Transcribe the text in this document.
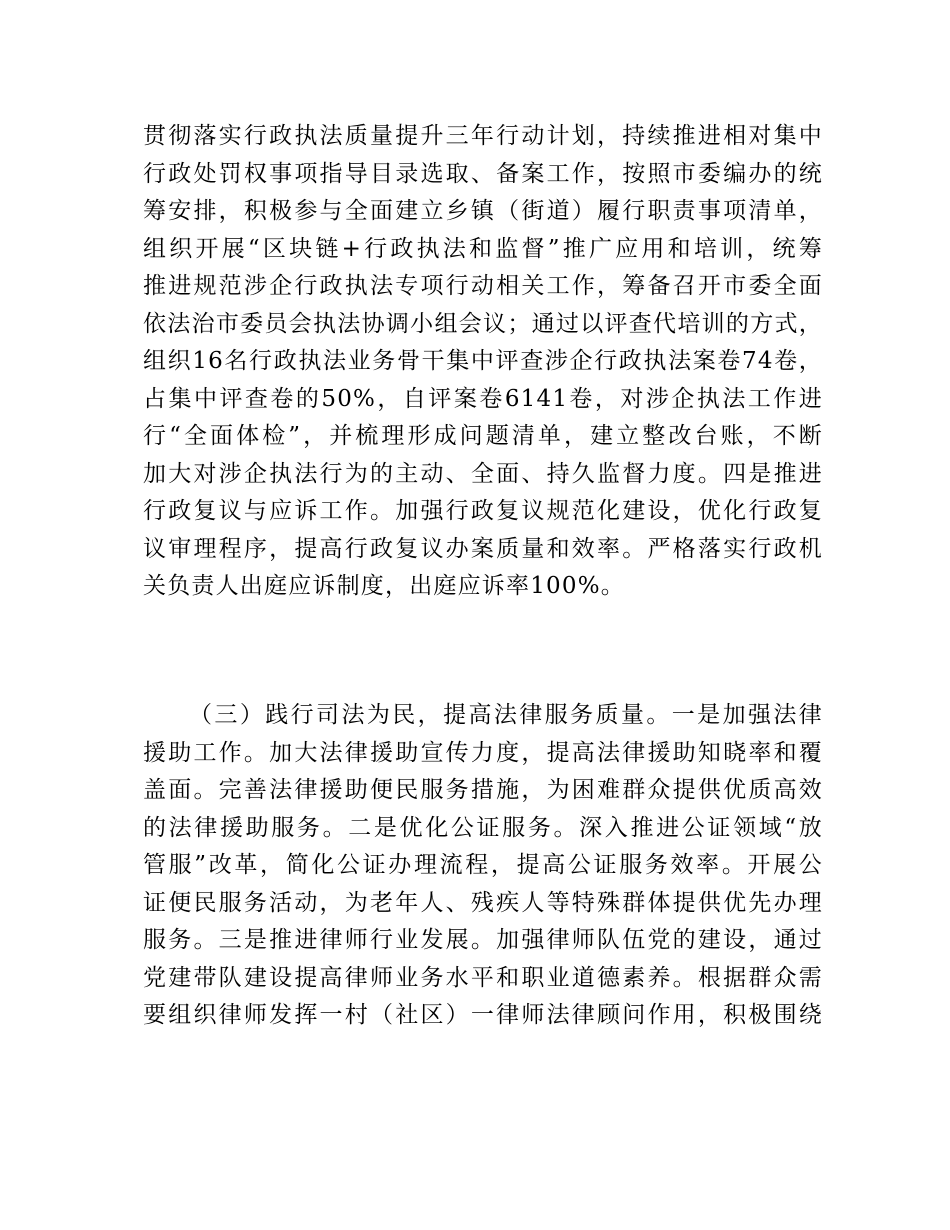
贯彻落实行政执法质量提升三年行动计划，持续推进相对集中
行政处罚权事项指导目录选取、备案工作，按照市委编办的统
筹安排，积极参与全面建立乡镇（街道）履行职责事项清单，
组织开展“区块链+行政执法和监督”推广应用和培训，统筹
推进规范涉企行政执法专项行动相关工作，筹备召开市委全面
依法治市委员会执法协调小组会议；通过以评查代培训的方式，
组织16名行政执法业务骨干集中评查涉企行政执法案卷74卷，
占集中评查卷的50%，自评案卷6141卷，对涉企执法工作进
行“全面体检”，并梳理形成问题清单，建立整改台账，不断
加大对涉企执法行为的主动、全面、持久监督力度。四是推进
行政复议与应诉工作。加强行政复议规范化建设，优化行政复
议审理程序，提高行政复议办案质量和效率。严格落实行政机
关负责人出庭应诉制度，出庭应诉率100%。
（三）践行司法为民，提高法律服务质量。一是加强法律
援助工作。加大法律援助宣传力度，提高法律援助知晓率和覆
盖面。完善法律援助便民服务措施，为困难群众提供优质高效
的法律援助服务。二是优化公证服务。深入推进公证领域“放
管服”改革，简化公证办理流程，提高公证服务效率。开展公
证便民服务活动，为老年人、残疾人等特殊群体提供优先办理
服务。三是推进律师行业发展。加强律师队伍党的建设，通过
党建带队建设提高律师业务水平和职业道德素养。根据群众需
要组织律师发挥一村（社区）一律师法律顾问作用，积极围绕
